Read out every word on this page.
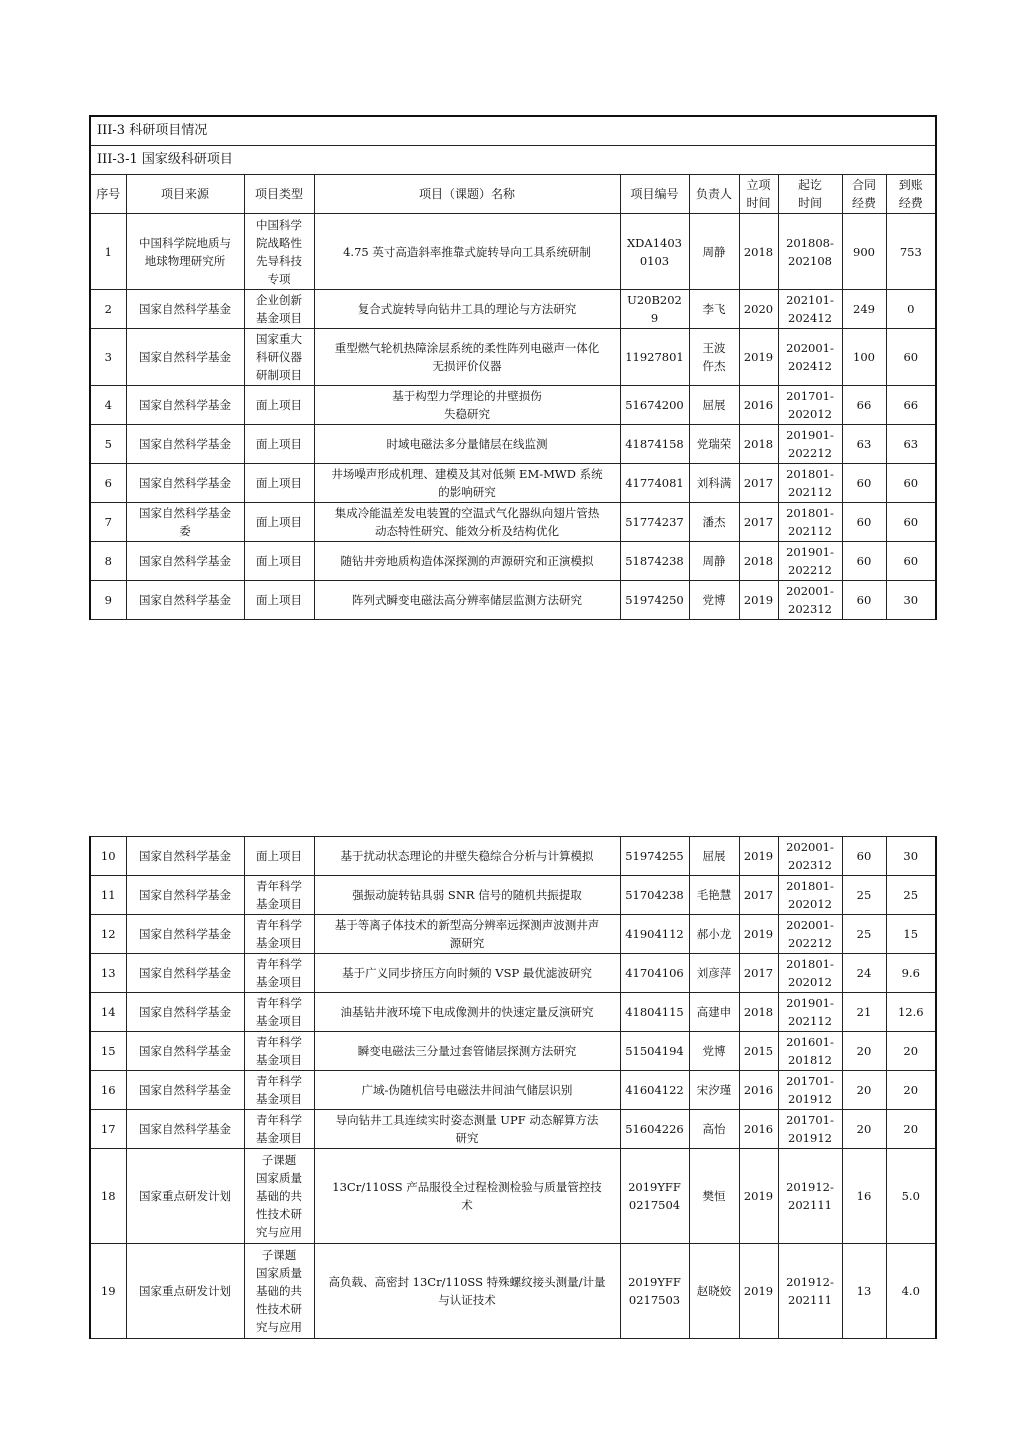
III-3 科研项目情况									
III-3-1 国家级科研项目									
序号	项目来源	项目类型	项目（课题）名称	项目编号	负责人	立项
时间	起讫
时间	合同
经费	到账
经费
1	中国科学院地质与
地球物理研究所	中国科学
院战略性
先导科技
专项	4.75 英寸高造斜率推靠式旋转导向工具系统研制	XDA1403
0103	周静	2018	201808-
202108	900	753
2	国家自然科学基金	企业创新
基金项目	复合式旋转导向钻井工具的理论与方法研究	U20B202
9	李飞	2020	202101-
202412	249	0
3	国家自然科学基金	国家重大
科研仪器
研制项目	重型燃气轮机热障涂层系统的柔性阵列电磁声一体化
无损评价仪器	11927801	王波
仵杰	2019	202001-
202412	100	60
4	国家自然科学基金	面上项目	基于构型力学理论的井壁损伤
失稳研究	51674200	屈展	2016	201701-
202012	66	66
5	国家自然科学基金	面上项目	时域电磁法多分量储层在线监测	41874158	党瑞荣	2018	201901-
202212	63	63
6	国家自然科学基金	面上项目	井场噪声形成机理、建模及其对低频 EM-MWD 系统
的影响研究	41774081	刘科满	2017	201801-
202112	60	60
7	国家自然科学基金
委	面上项目	集成冷能温差发电装置的空温式气化器纵向翅片管热
动态特性研究、能效分析及结构优化	51774237	潘杰	2017	201801-
202112	60	60
8	国家自然科学基金	面上项目	随钻井旁地质构造体深探测的声源研究和正演模拟	51874238	周静	2018	201901-
202212	60	60
9	国家自然科学基金	面上项目	阵列式瞬变电磁法高分辨率储层监测方法研究	51974250	党博	2019	202001-
202312	60	30
10	国家自然科学基金	面上项目	基于扰动状态理论的井壁失稳综合分析与计算模拟	51974255	屈展	2019	202001-
202312	60	30
11	国家自然科学基金	青年科学
基金项目	强振动旋转钻具弱 SNR 信号的随机共振提取	51704238	毛艳慧	2017	201801-
202012	25	25
12	国家自然科学基金	青年科学
基金项目	基于等离子体技术的新型高分辨率远探测声波测井声
源研究	41904112	郝小龙	2019	202001-
202212	25	15
13	国家自然科学基金	青年科学
基金项目	基于广义同步挤压方向时频的 VSP 最优滤波研究	41704106	刘彦萍	2017	201801-
202012	24	9.6
14	国家自然科学基金	青年科学
基金项目	油基钻井液环境下电成像测井的快速定量反演研究	41804115	高建申	2018	201901-
202112	21	12.6
15	国家自然科学基金	青年科学
基金项目	瞬变电磁法三分量过套管储层探测方法研究	51504194	党博	2015	201601-
201812	20	20
16	国家自然科学基金	青年科学
基金项目	广域-伪随机信号电磁法井间油气储层识别	41604122	宋汐瑾	2016	201701-
201912	20	20
17	国家自然科学基金	青年科学
基金项目	导向钻井工具连续实时姿态测量 UPF 动态解算方法
研究	51604226	高怡	2016	201701-
201912	20	20
18	国家重点研发计划	子课题
国家质量
基础的共
性技术研
究与应用	13Cr/110SS 产品服役全过程检测检验与质量管控技
术	2019YFF
0217504	樊恒	2019	201912-
202111	16	5.0
19	国家重点研发计划	子课题
国家质量
基础的共
性技术研
究与应用	高负载、高密封 13Cr/110SS 特殊螺纹接头测量/计量
与认证技术	2019YFF
0217503	赵晓姣	2019	201912-
202111	13	4.0
